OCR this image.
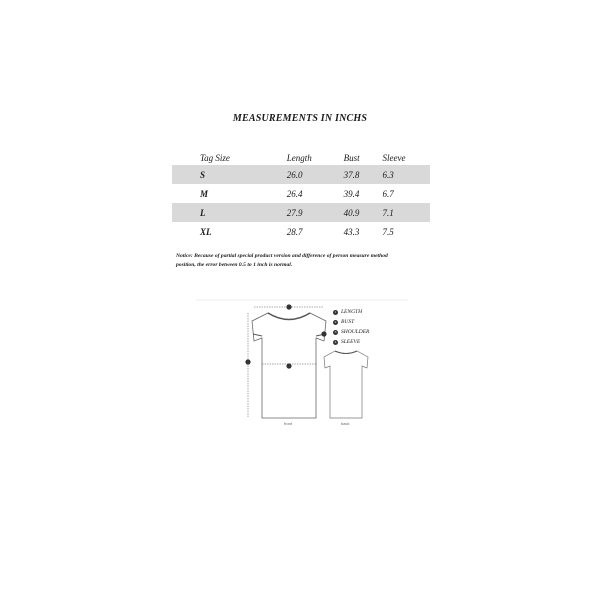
MEASUREMENTS IN INCHS
Tag Size	Length	Bust	Sleeve
S	26.0	37.8	6.3
M	26.4	39.4	6.7
L	27.9	40.9	7.1
XL	28.7	43.3	7.5
Notice: Because of partial special product version and difference of person measure method
position, the error between 0.5 to 1 inch is normal.
front	back
1 LENGTH
2 BUST
3 SHOULDER
4 SLEEVE
